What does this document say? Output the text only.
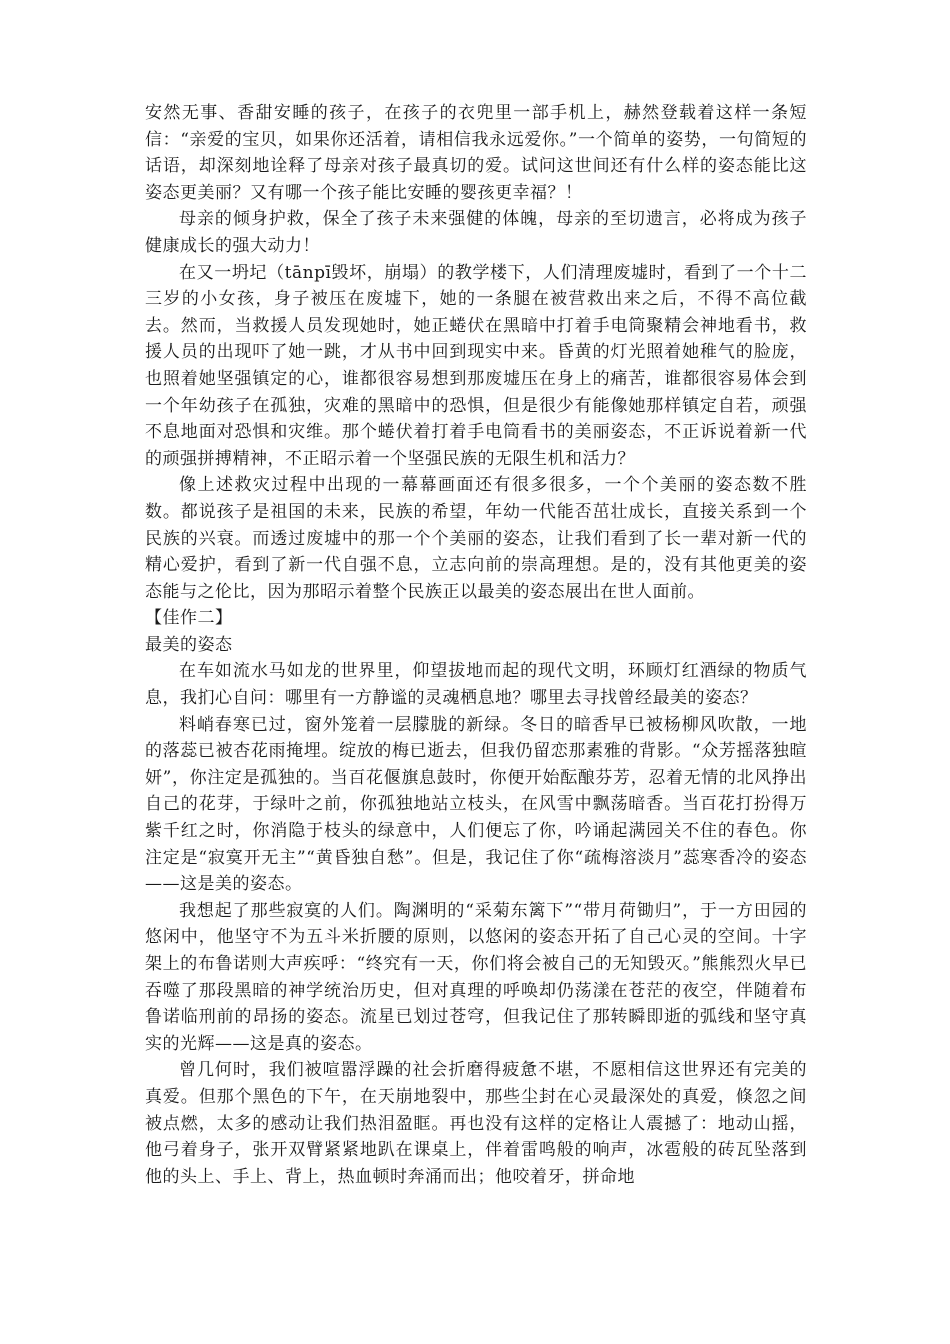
安然无事、香甜安睡的孩子，在孩子的衣兜里一部手机上，赫然登载着这样一条短信：“亲爱的宝贝，如果你还活着，请相信我永远爱你。”一个简单的姿势，一句简短的话语，却深刻地诠释了母亲对孩子最真切的爱。试问这世间还有什么样的姿态能比这姿态更美丽？又有哪一个孩子能比安睡的婴孩更幸福？！

母亲的倾身护救，保全了孩子未来强健的体魄，母亲的至切遗言，必将成为孩子健康成长的强大动力！

在又一坍圮（tānpī毁坏，崩塌）的教学楼下，人们清理废墟时，看到了一个十二三岁的小女孩，身子被压在废墟下，她的一条腿在被营救出来之后，不得不高位截去。然而，当救援人员发现她时，她正蜷伏在黑暗中打着手电筒聚精会神地看书，救援人员的出现吓了她一跳，才从书中回到现实中来。昏黄的灯光照着她稚气的脸庞，也照着她坚强镇定的心，谁都很容易想到那废墟压在身上的痛苦，谁都很容易体会到一个年幼孩子在孤独，灾难的黑暗中的恐惧，但是很少有能像她那样镇定自若，顽强不息地面对恐惧和灾维。那个蜷伏着打着手电筒看书的美丽姿态，不正诉说着新一代的顽强拼搏精神，不正昭示着一个坚强民族的无限生机和活力？

像上述救灾过程中出现的一幕幕画面还有很多很多，一个个美丽的姿态数不胜数。都说孩子是祖国的未来，民族的希望，年幼一代能否茁壮成长，直接关系到一个民族的兴衰。而透过废墟中的那一个个美丽的姿态，让我们看到了长一辈对新一代的精心爱护，看到了新一代自强不息，立志向前的崇高理想。是的，没有其他更美的姿态能与之伦比，因为那昭示着整个民族正以最美的姿态展出在世人面前。

【佳作二】

最美的姿态

在车如流水马如龙的世界里，仰望拔地而起的现代文明，环顾灯红酒绿的物质气息，我扪心自问：哪里有一方静谧的灵魂栖息地？哪里去寻找曾经最美的姿态？

料峭春寒已过，窗外笼着一层朦胧的新绿。冬日的暗香早已被杨柳风吹散，一地的落蕊已被杏花雨掩埋。绽放的梅已逝去，但我仍留恋那素雅的背影。“众芳摇落独暄妍”，你注定是孤独的。当百花偃旗息鼓时，你便开始酝酿芬芳，忍着无情的北风挣出自己的花芽，于绿叶之前，你孤独地站立枝头，在风雪中飘荡暗香。当百花打扮得万紫千红之时，你消隐于枝头的绿意中，人们便忘了你，吟诵起满园关不住的春色。你注定是“寂寞开无主”“黄昏独自愁”。但是，我记住了你“疏梅溶淡月”蕊寒香冷的姿态——这是美的姿态。

我想起了那些寂寞的人们。陶渊明的“采菊东篱下”“带月荷锄归”，于一方田园的悠闲中，他坚守不为五斗米折腰的原则，以悠闲的姿态开拓了自己心灵的空间。十字架上的布鲁诺则大声疾呼：“终究有一天，你们将会被自己的无知毁灭。”熊熊烈火早已吞噬了那段黑暗的神学统治历史，但对真理的呼唤却仍荡漾在苍茫的夜空，伴随着布鲁诺临刑前的昂扬的姿态。流星已划过苍穹，但我记住了那转瞬即逝的弧线和坚守真实的光辉——这是真的姿态。

曾几何时，我们被喧嚣浮躁的社会折磨得疲惫不堪，不愿相信这世界还有完美的真爱。但那个黑色的下午，在天崩地裂中，那些尘封在心灵最深处的真爱，倏忽之间被点燃，太多的感动让我们热泪盈眶。再也没有这样的定格让人震撼了：地动山摇，他弓着身子，张开双臂紧紧地趴在课桌上，伴着雷鸣般的响声，冰雹般的砖瓦坠落到他的头上、手上、背上，热血顿时奔涌而出；他咬着牙，拼命地
